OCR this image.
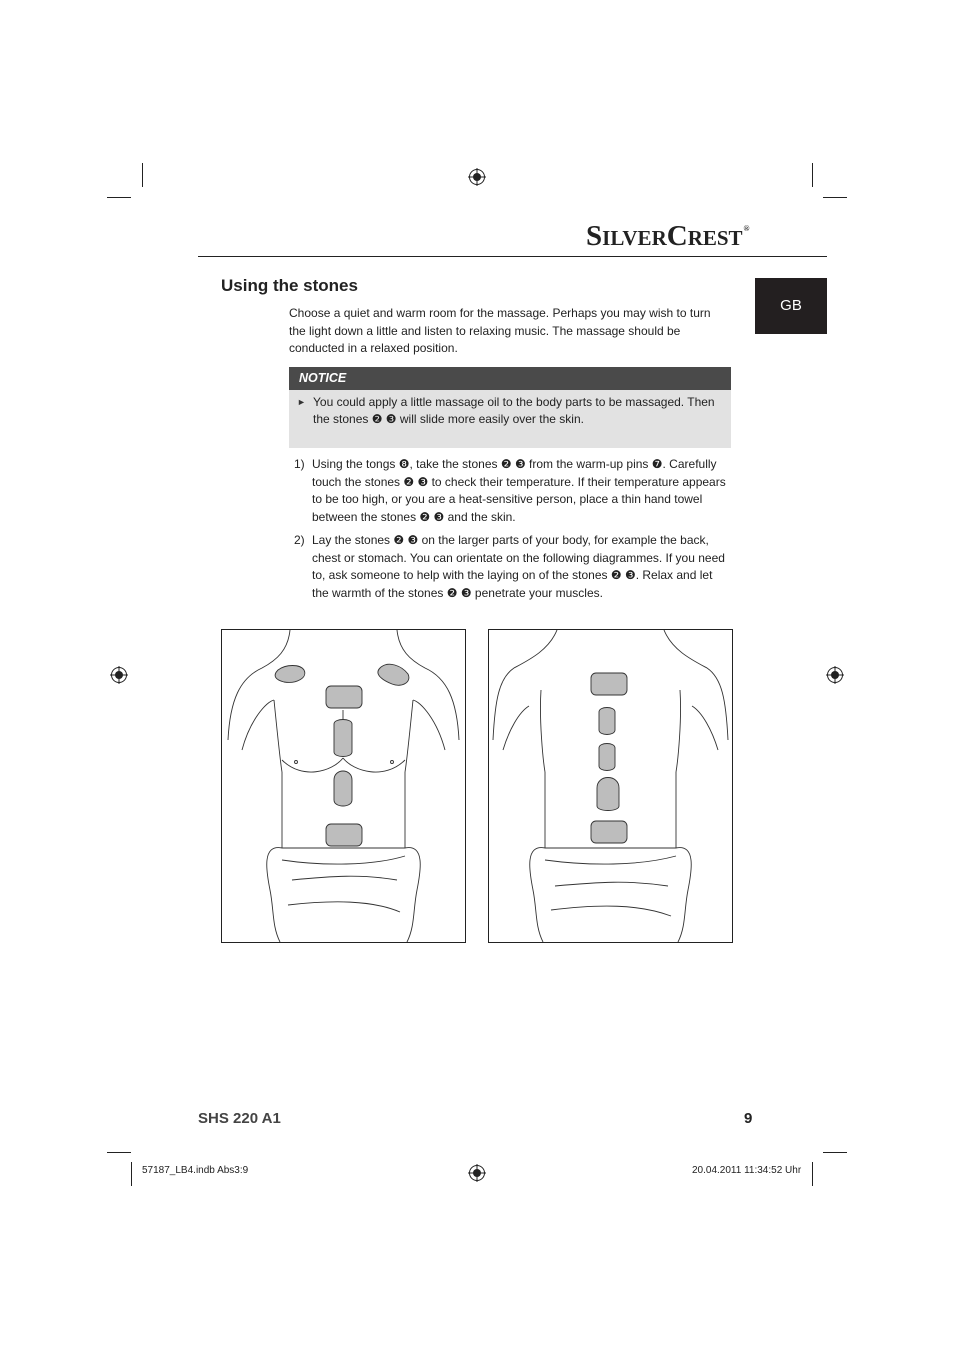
SILVERCREST®
GB
Using the stones

Choose a quiet and warm room for the massage. Perhaps you may wish to turn the light down a little and listen to relaxing music. The massage should be conducted in a relaxed position.

NOTICE
► You could apply a little massage oil to the body parts to be massaged. Then the stones ❷ ❸ will slide more easily over the skin.

1) Using the tongs ❽, take the stones ❷ ❸ from the warm-up pins ❼. Carefully touch the stones ❷ ❸ to check their temperature. If their temperature appears to be too high, or you are a heat-sensitive person, place a thin hand towel between the stones ❷ ❸ and the skin.

2) Lay the stones ❷ ❸ on the larger parts of your body, for example the back, chest or stomach. You can orientate on the following diagrammes. If you need to, ask someone to help with the laying on of the stones ❷ ❸. Relax and let the warmth of the stones ❷ ❸ penetrate your muscles.

SHS 220 A1	9
57187_LB4.indb Abs3:9	20.04.2011 11:34:52 Uhr
